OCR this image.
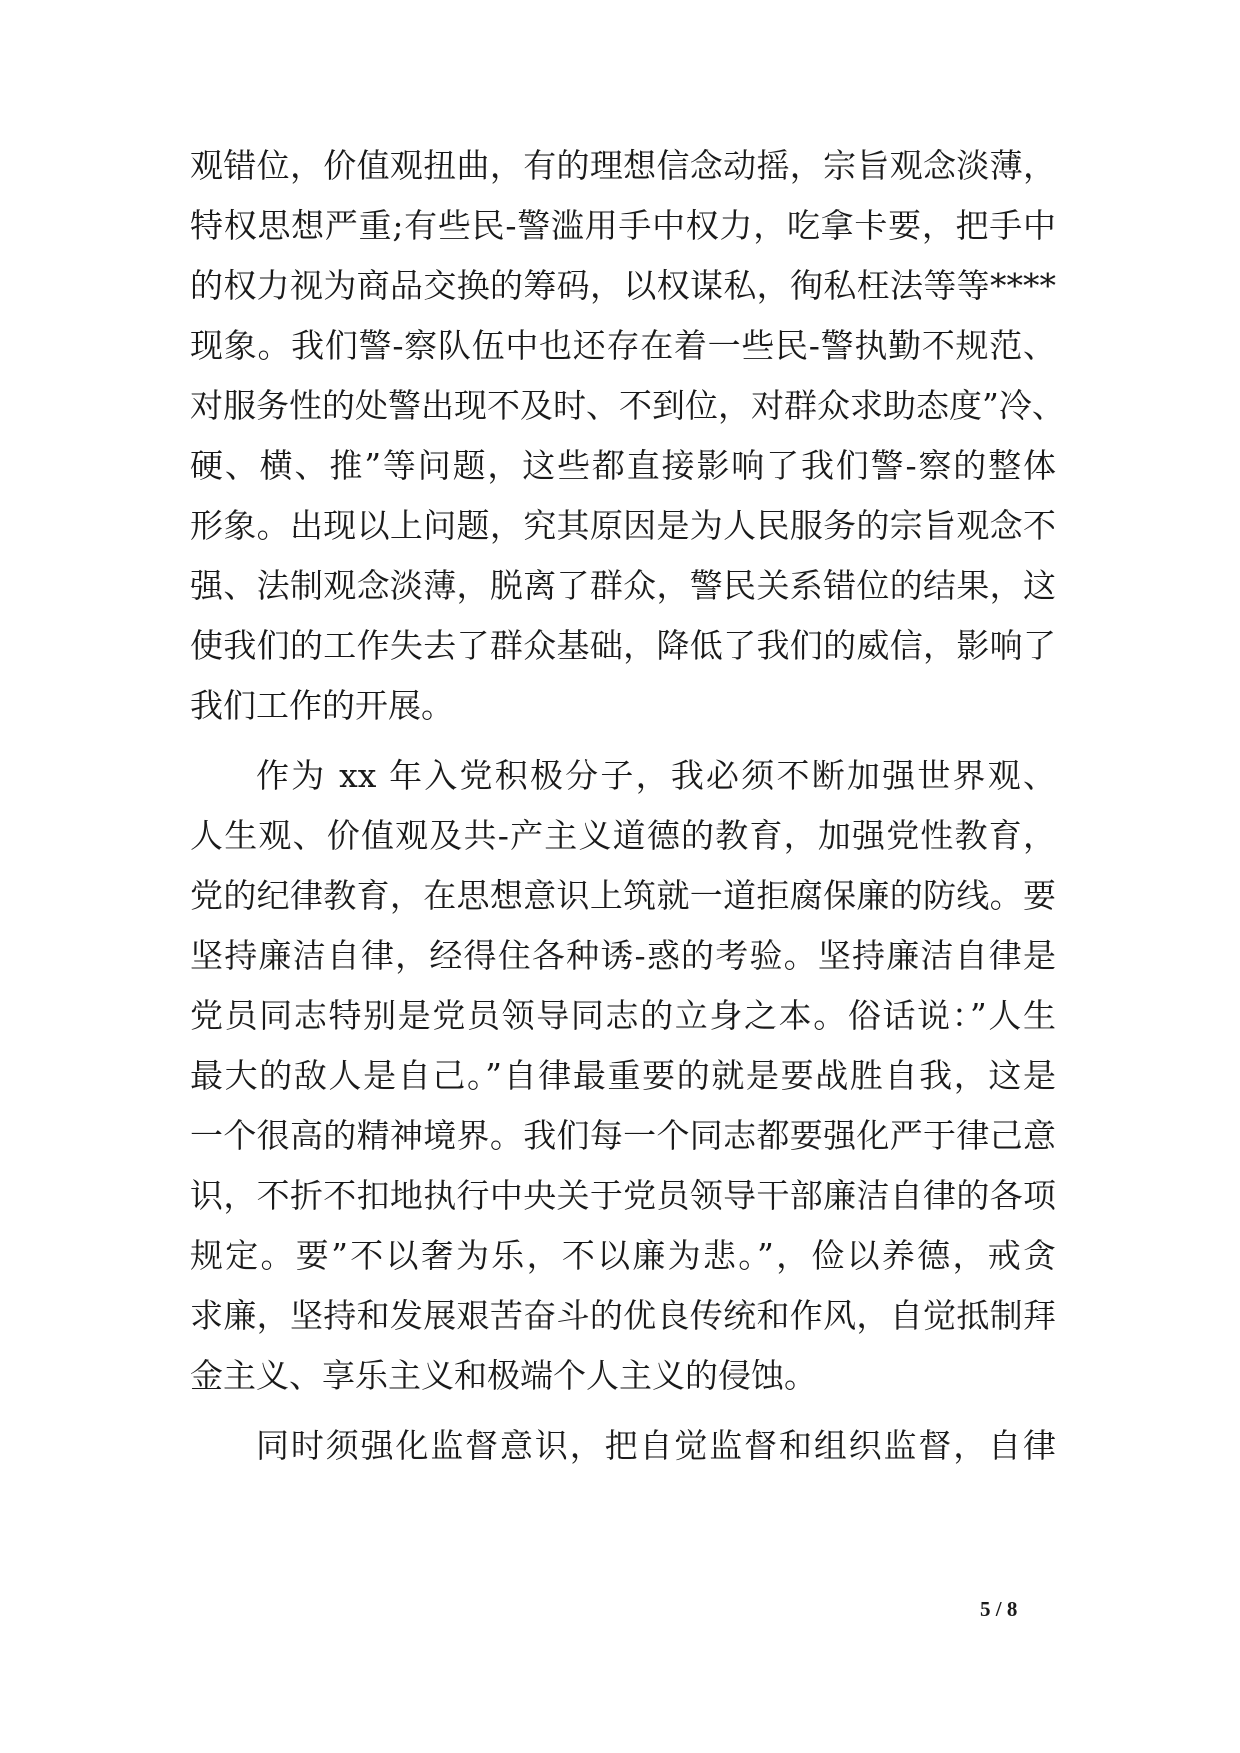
观错位，价值观扭曲，有的理想信念动摇，宗旨观念淡薄，
特权思想严重;有些民-警滥用手中权力，吃拿卡要，把手中
的权力视为商品交换的筹码，以权谋私，徇私枉法等等****
现象。我们警-察队伍中也还存在着一些民-警执勤不规范、
对服务性的处警出现不及时、不到位，对群众求助态度”冷、
硬、横、推”等问题，这些都直接影响了我们警-察的整体
形象。出现以上问题，究其原因是为人民服务的宗旨观念不
强、法制观念淡薄，脱离了群众，警民关系错位的结果，这
使我们的工作失去了群众基础，降低了我们的威信，影响了
我们工作的开展。
作为 xx 年入党积极分子，我必须不断加强世界观、
人生观、价值观及共-产主义道德的教育，加强党性教育，
党的纪律教育，在思想意识上筑就一道拒腐保廉的防线。要
坚持廉洁自律，经得住各种诱-惑的考验。坚持廉洁自律是
党员同志特别是党员领导同志的立身之本。俗话说：”人生
最大的敌人是自己。”自律最重要的就是要战胜自我，这是
一个很高的精神境界。我们每一个同志都要强化严于律己意
识，不折不扣地执行中央关于党员领导干部廉洁自律的各项
规定。要”不以奢为乐，不以廉为悲。”，俭以养德，戒贪
求廉，坚持和发展艰苦奋斗的优良传统和作风，自觉抵制拜
金主义、享乐主义和极端个人主义的侵蚀。
同时须强化监督意识，把自觉监督和组织监督，自律
5 / 8
